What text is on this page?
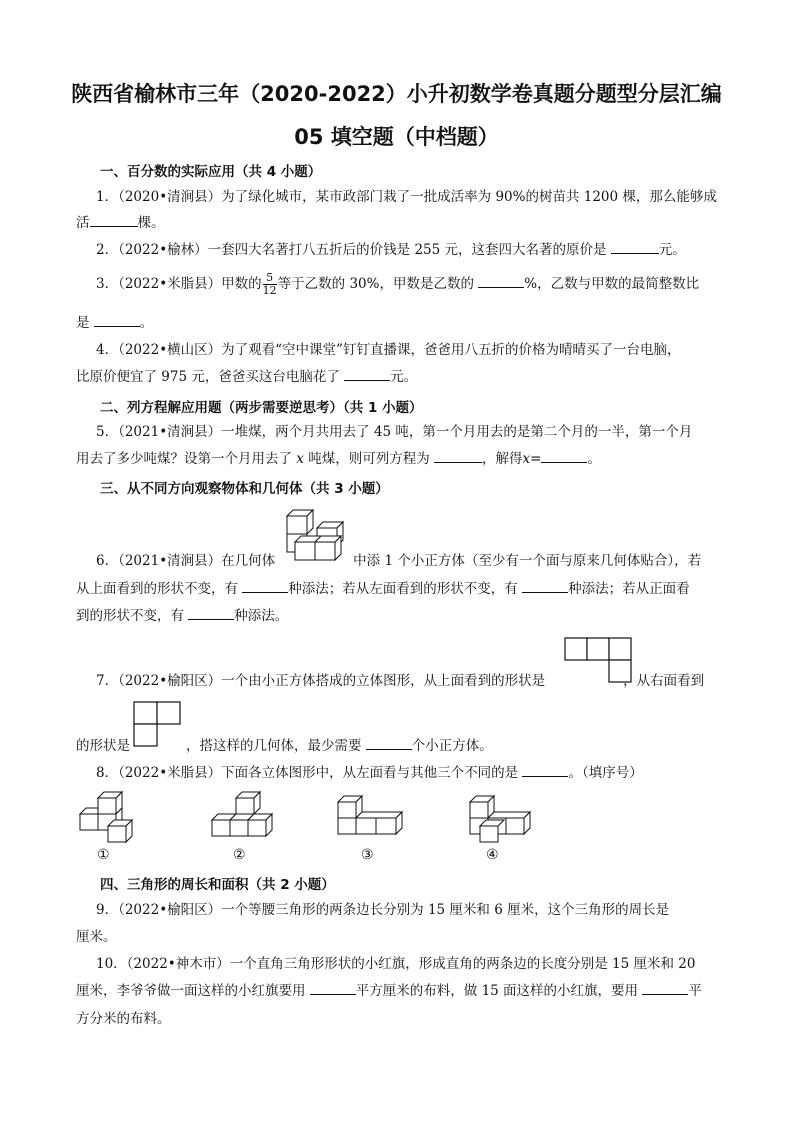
陕西省榆林市三年（2020-2022）小升初数学卷真题分题型分层汇编
05 填空题（中档题）
一、百分数的实际应用（共 4 小题）
1．（2020•清涧县）为了绿化城市，某市政部门栽了一批成活率为 90%的树苗共 1200 棵，那么能够成
活	棵。
2．（2022•榆林）一套四大名著打八五折后的价钱是 255 元，这套四大名著的原价是	元。
3．（2022•米脂县）甲数的 $\frac{5}{12}$ 等于乙数的 30%，甲数是乙数的	%，乙数与甲数的最简整数比
是	。
4．（2022•横山区）为了观看“空中课堂”钉钉直播课，爸爸用八五折的价格为晴晴买了一台电脑，
比原价便宜了 975 元，爸爸买这台电脑花了	元。
二、列方程解应用题（两步需要逆思考）（共 1 小题）
5．（2021•清涧县）一堆煤，两个月共用去了 45 吨，第一个月用去的是第二个月的一半，第一个月
用去了多少吨煤？设第一个月用去了 x 吨煤，则可列方程为	，解得x=	。
三、从不同方向观察物体和几何体（共 3 小题）
6．（2021•清涧县）在几何体	中添 1 个小正方体（至少有一个面与原来几何体贴合），若
从上面看到的形状不变，有	种添法；若从左面看到的形状不变，有	种添法；若从正面看
到的形状不变，有	种添法。
7．（2022•榆阳区）一个由小正方体搭成的立体图形，从上面看到的形状是	，从右面看到
的形状是	，搭这样的几何体，最少需要	个小正方体。
8．（2022•米脂县）下面各立体图形中，从左面看与其他三个不同的是	。（填序号）
①	②	③	④
四、三角形的周长和面积（共 2 小题）
9．（2022•榆阳区）一个等腰三角形的两条边长分别为 15 厘米和 6 厘米，这个三角形的周长是
厘米。
10．（2022•神木市）一个直角三角形形状的小红旗，形成直角的两条边的长度分别是 15 厘米和 20
厘米，李爷爷做一面这样的小红旗要用	平方厘米的布料，做 15 面这样的小红旗，要用	平
方分米的布料。
